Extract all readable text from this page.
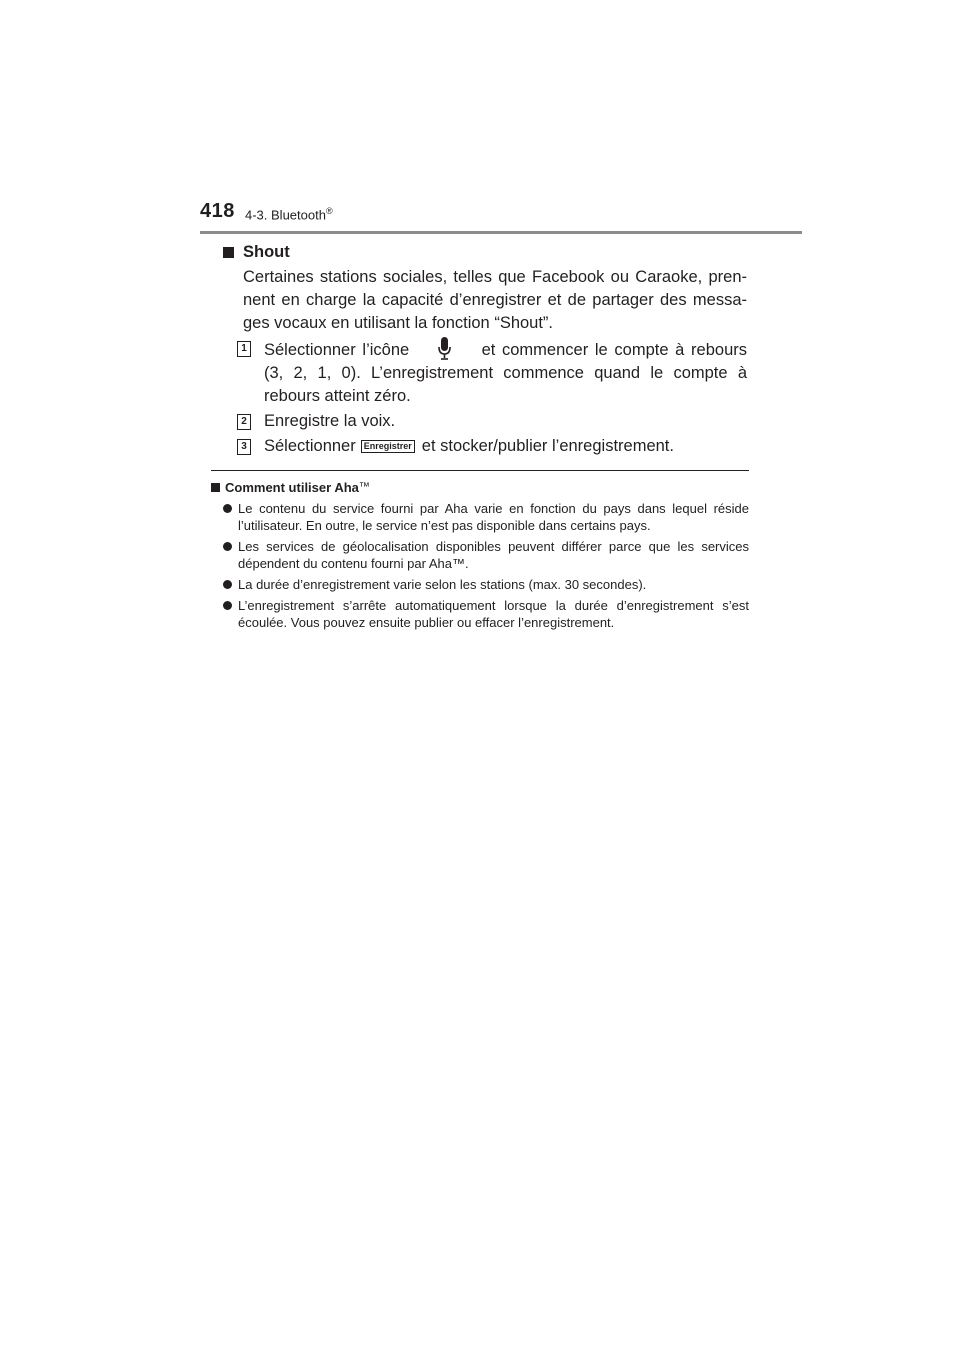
418 4-3. Bluetooth®
Shout
Certaines stations sociales, telles que Facebook ou Caraoke, prennent en charge la capacité d’enregistrer et de partager des messages vocaux en utilisant la fonction “Shout”.
1 Sélectionner l’icône	et commencer le compte à rebours (3, 2, 1, 0). L’enregistrement commence quand le compte à rebours atteint zéro.
2 Enregistre la voix.
3 Sélectionner Enregistrer et stocker/publier l’enregistrement.
Comment utiliser Aha ™
Le contenu du service fourni par Aha varie en fonction du pays dans lequel réside l’utilisateur. En outre, le service n’est pas disponible dans certains pays.
Les services de géolocalisation disponibles peuvent différer parce que les services dépendent du contenu fourni par Aha™.
La durée d’enregistrement varie selon les stations (max. 30 secondes).
L’enregistrement s’arrête automatiquement lorsque la durée d’enregistrement s’est écoulée. Vous pouvez ensuite publier ou effacer l’enregistrement.
